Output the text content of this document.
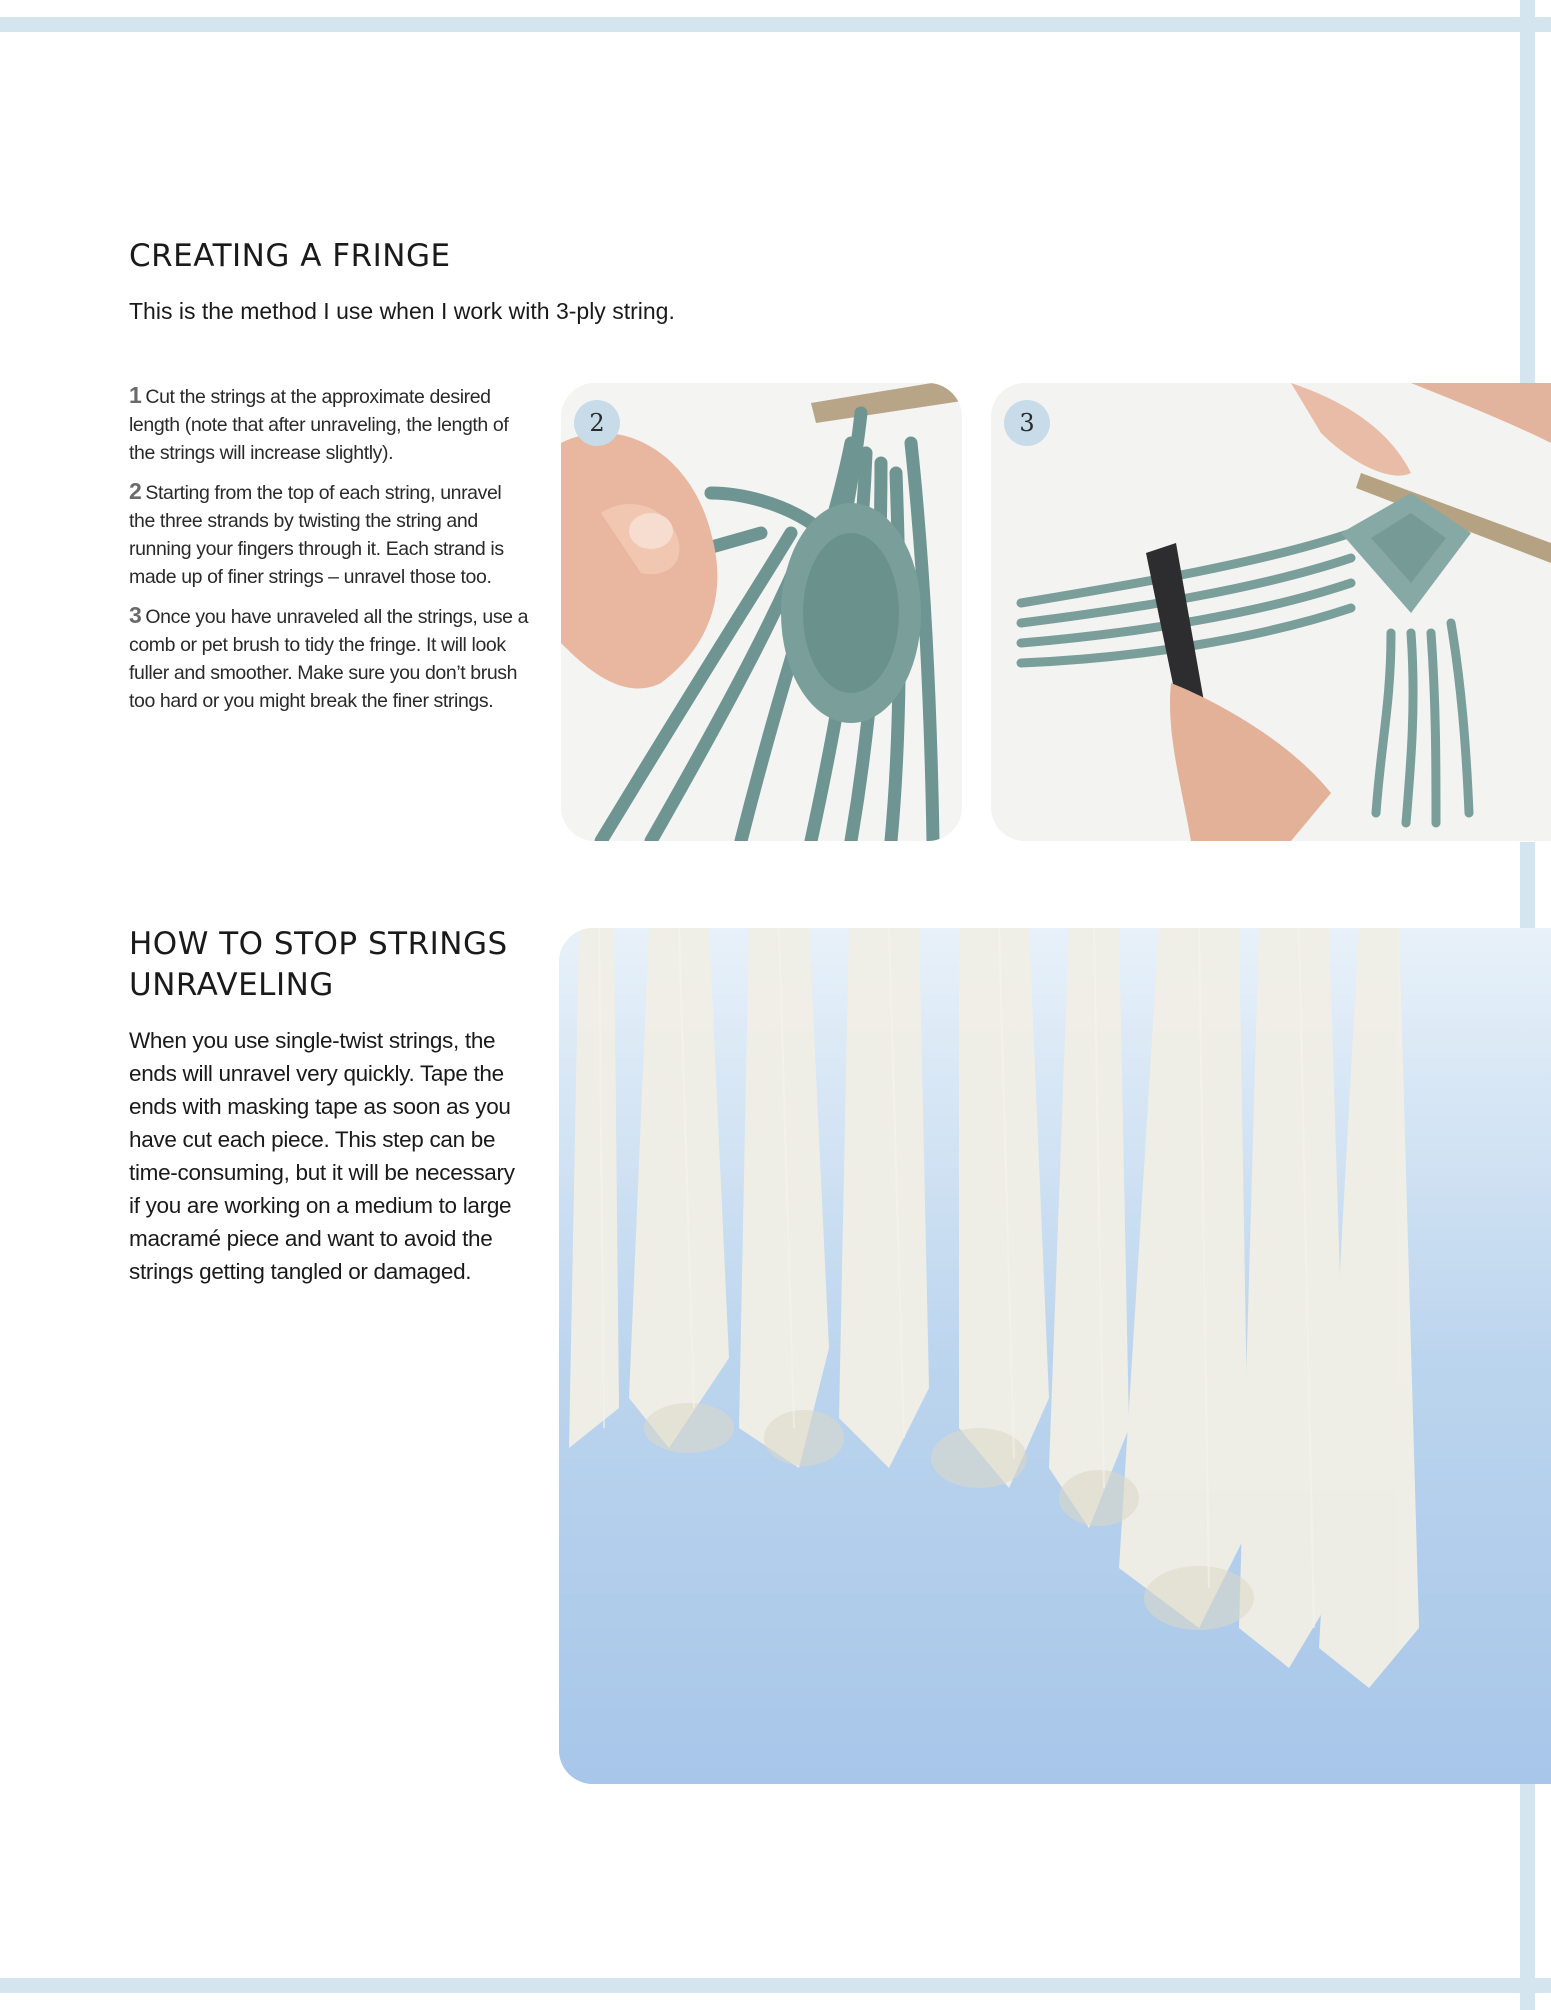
CREATING A FRINGE

This is the method I use when I work with 3-ply string.

1 Cut the strings at the approximate desired length (note that after unraveling, the length of the strings will increase slightly).

2 Starting from the top of each string, unravel the three strands by twisting the string and running your fingers through it. Each strand is made up of finer strings – unravel those too.

3 Once you have unraveled all the strings, use a comb or pet brush to tidy the fringe. It will look fuller and smoother. Make sure you don’t brush too hard or you might break the finer strings.

2	3
HOW TO STOP STRINGS UNRAVELING

When you use single-twist strings, the ends will unravel very quickly. Tape the ends with masking tape as soon as you have cut each piece. This step can be time-consuming, but it will be necessary if you are working on a medium to large macramé piece and want to avoid the strings getting tangled or damaged.
